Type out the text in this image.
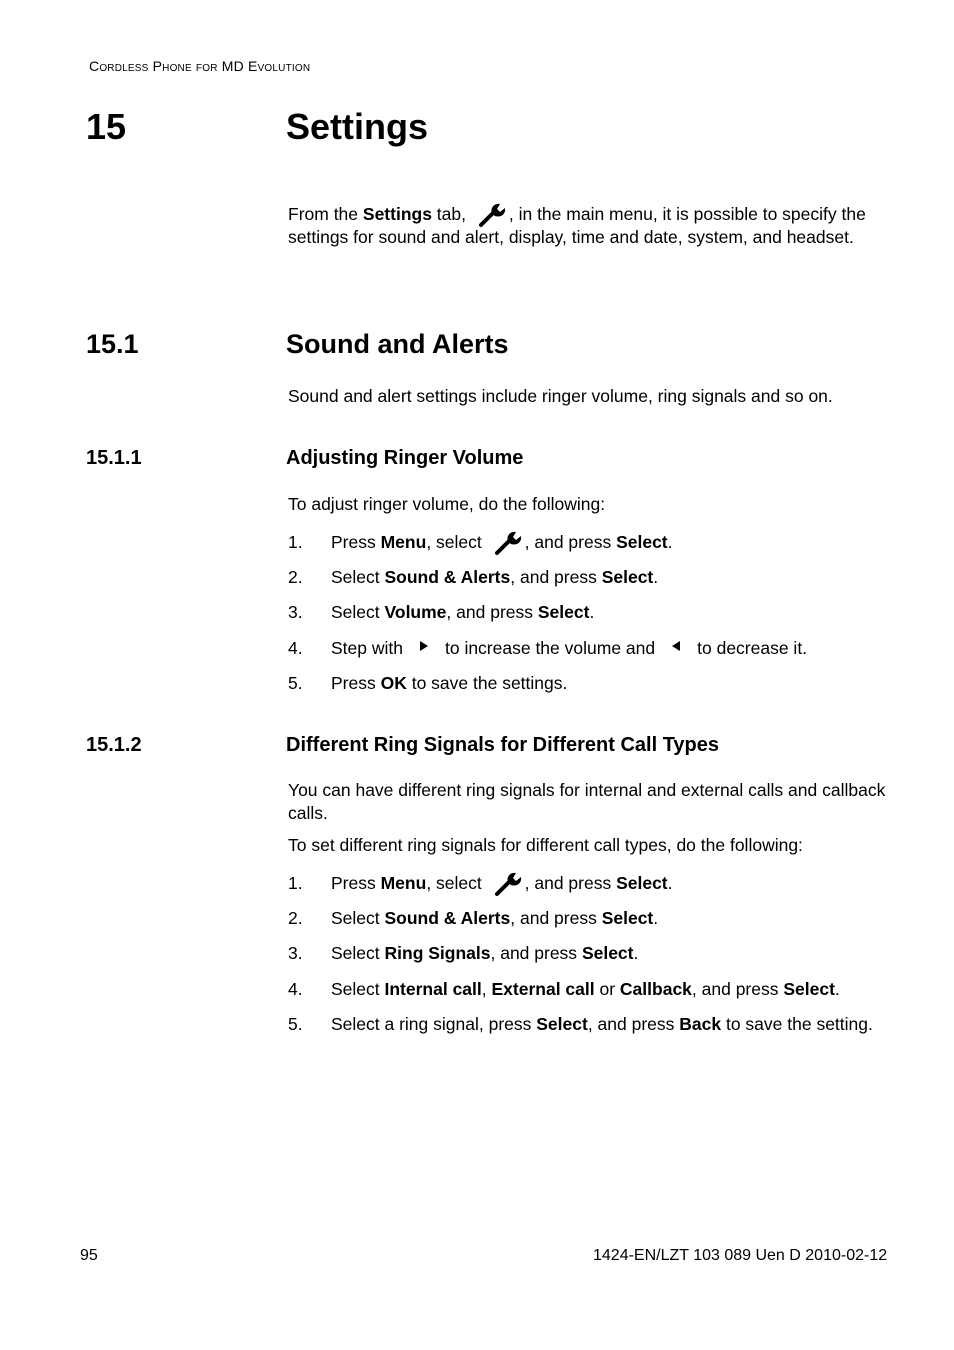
Cordless Phone for MD Evolution
15	Settings
From the Settings tab, , in the main menu, it is possible to specify the settings for sound and alert, display, time and date, system, and headset.
15.1	Sound and Alerts
Sound and alert settings include ringer volume, ring signals and so on.
15.1.1	Adjusting Ringer Volume
To adjust ringer volume, do the following:
1. Press Menu, select , and press Select.
2. Select Sound & Alerts, and press Select.
3. Select Volume, and press Select.
4. Step with to increase the volume and to decrease it.
5. Press OK to save the settings.
15.1.2	Different Ring Signals for Different Call Types
You can have different ring signals for internal and external calls and callback calls.
To set different ring signals for different call types, do the following:
1. Press Menu, select , and press Select.
2. Select Sound & Alerts, and press Select.
3. Select Ring Signals, and press Select.
4. Select Internal call, External call or Callback, and press Select.
5. Select a ring signal, press Select, and press Back to save the setting.
95	1424-EN/LZT 103 089 Uen D 2010-02-12
